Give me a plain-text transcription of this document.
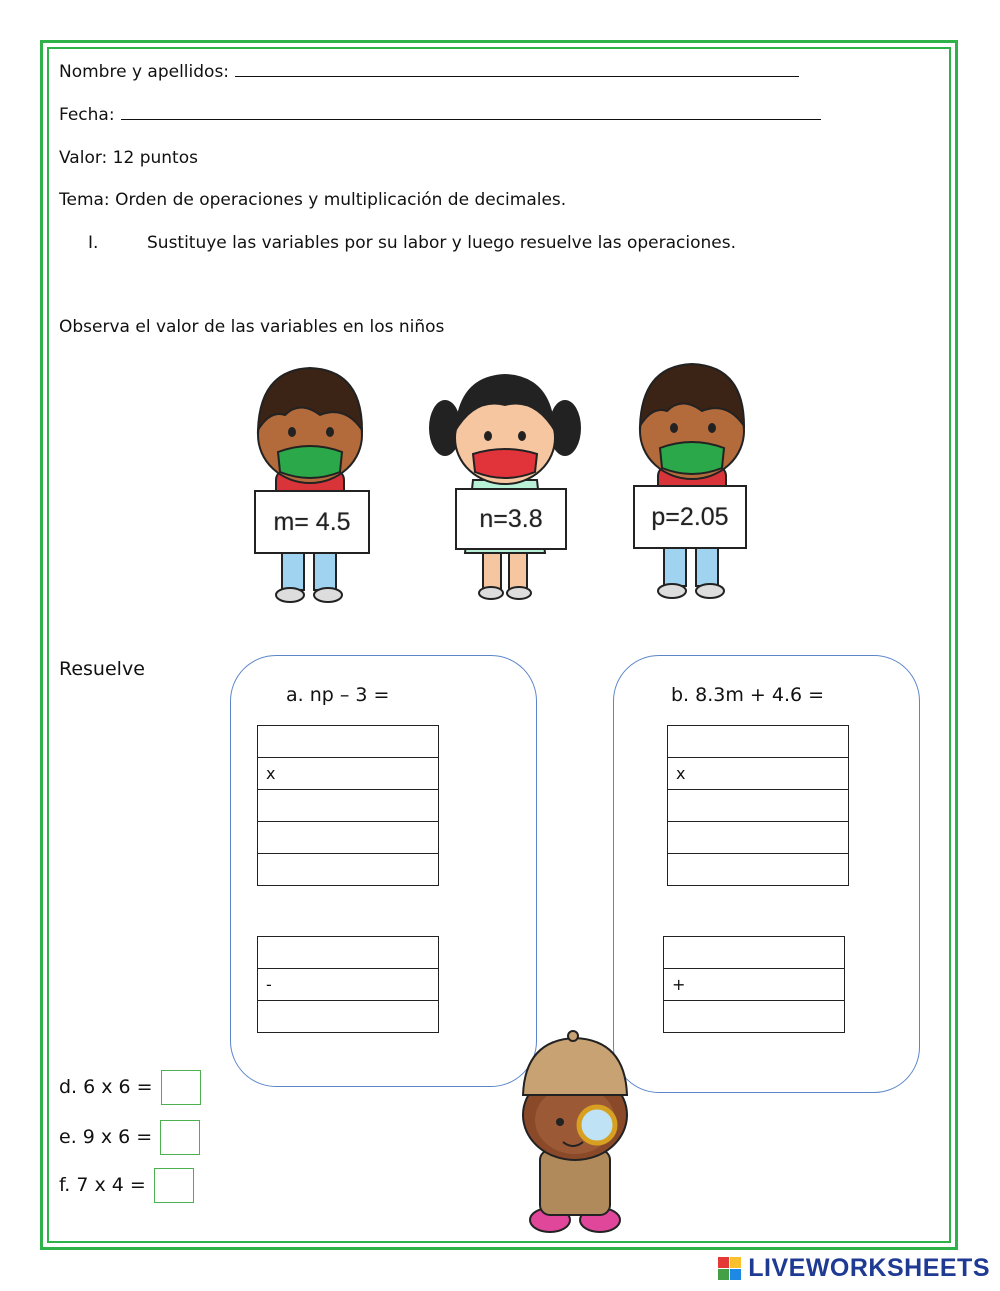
Nombre y apellidos:
Fecha:
Valor: 12 puntos
Tema: Orden de operaciones y multiplicación de decimales.
I.	Sustituye las variables por su labor y luego resuelve las operaciones.
Observa el valor de las variables en los niños
m= 4.5	n=3.8	p=2.05
Resuelve
a. np – 3 =

x

-

b. 8.3m + 4.6 =

x

+

d. 6 x 6 =
e. 9 x 6 =
f. 7 x 4 =
LIVEWORKSHEETS
